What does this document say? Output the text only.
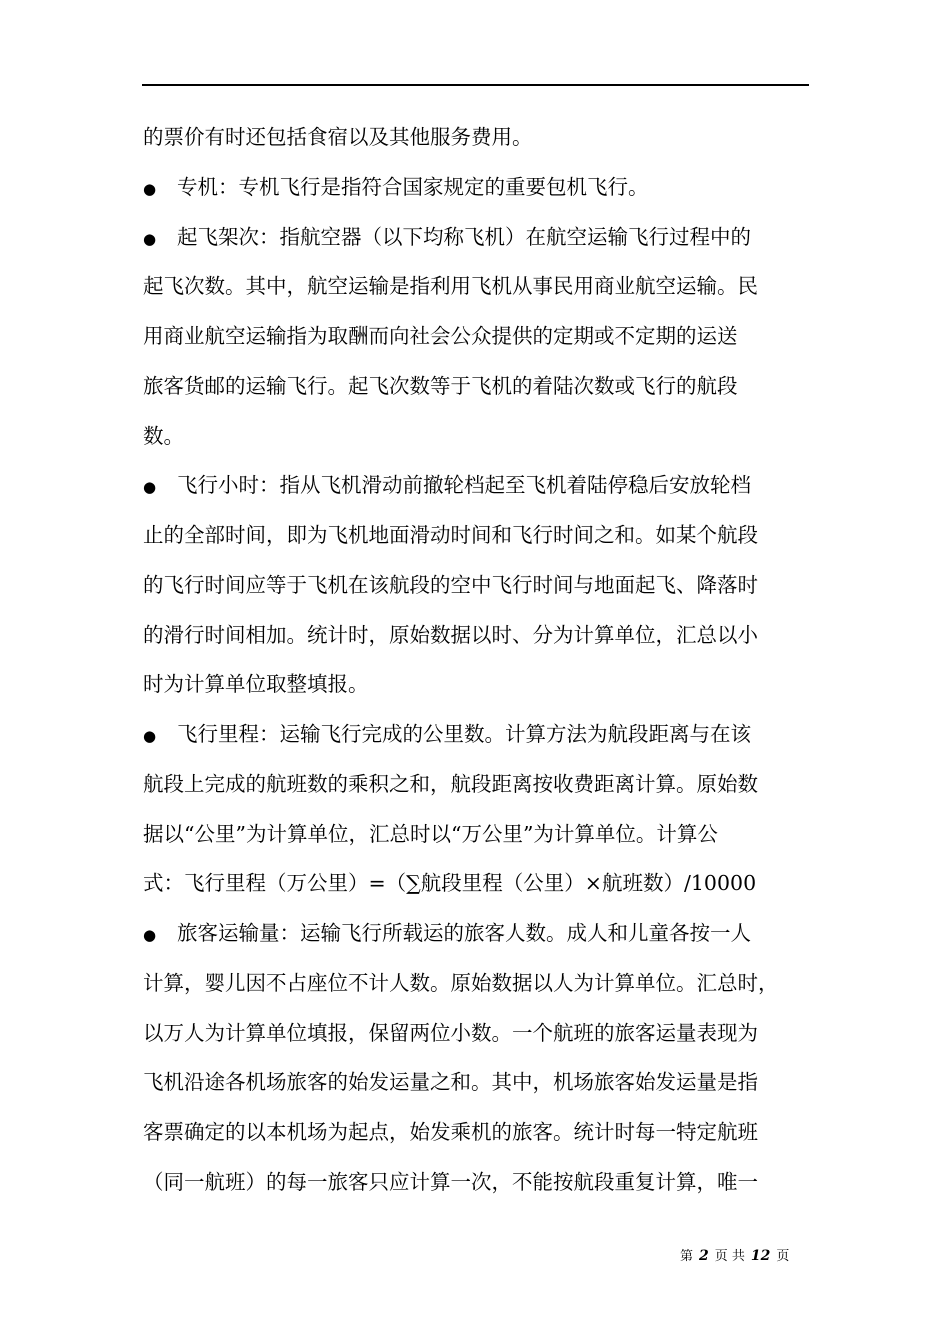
的票价有时还包括食宿以及其他服务费用。
● 专机：专机飞行是指符合国家规定的重要包机飞行。
● 起飞架次：指航空器（以下均称飞机）在航空运输飞行过程中的
起飞次数。其中，航空运输是指利用飞机从事民用商业航空运输。民
用商业航空运输指为取酬而向社会公众提供的定期或不定期的运送
旅客货邮的运输飞行。起飞次数等于飞机的着陆次数或飞行的航段
数。
● 飞行小时：指从飞机滑动前撤轮档起至飞机着陆停稳后安放轮档
止的全部时间，即为飞机地面滑动时间和飞行时间之和。如某个航段
的飞行时间应等于飞机在该航段的空中飞行时间与地面起飞、降落时
的滑行时间相加。统计时，原始数据以时、分为计算单位，汇总以小
时为计算单位取整填报。
● 飞行里程：运输飞行完成的公里数。计算方法为航段距离与在该
航段上完成的航班数的乘积之和，航段距离按收费距离计算。原始数
据以“公里”为计算单位，汇总时以“万公里”为计算单位。计算公
式：飞行里程（万公里）=（∑航段里程（公里）×航班数）/10000
● 旅客运输量：运输飞行所载运的旅客人数。成人和儿童各按一人
计算，婴儿因不占座位不计人数。原始数据以人为计算单位。汇总时，
以万人为计算单位填报，保留两位小数。一个航班的旅客运量表现为
飞机沿途各机场旅客的始发运量之和。其中，机场旅客始发运量是指
客票确定的以本机场为起点，始发乘机的旅客。统计时每一特定航班
（同一航班）的每一旅客只应计算一次，不能按航段重复计算，唯一
第 2 页 共 12 页
